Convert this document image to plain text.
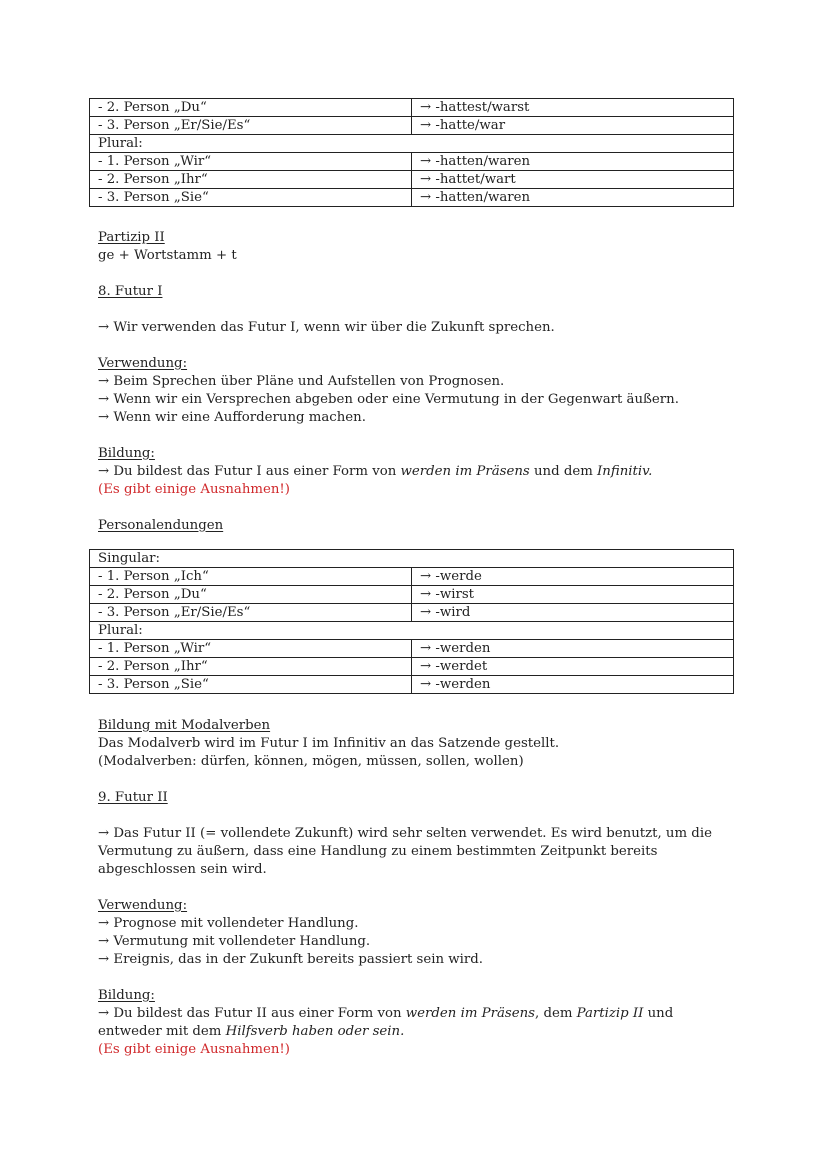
- 2. Person „Du“	→ -hattest/warst
- 3. Person „Er/Sie/Es“	→ -hatte/war
Plural:	
- 1. Person „Wir“	→ -hatten/waren
- 2. Person „Ihr“	→ -hattet/wart
- 3. Person „Sie“	→ -hatten/waren
Partizip II
ge + Wortstamm + t
8. Futur I
→ Wir verwenden das Futur I, wenn wir über die Zukunft sprechen.
Verwendung:
→ Beim Sprechen über Pläne und Aufstellen von Prognosen.
→ Wenn wir ein Versprechen abgeben oder eine Vermutung in der Gegenwart äußern.
→ Wenn wir eine Aufforderung machen.
Bildung:
→ Du bildest das Futur I aus einer Form von werden im Präsens und dem Infinitiv.
(Es gibt einige Ausnahmen!)
Personalendungen
Singular:	
- 1. Person „Ich“	→ -werde
- 2. Person „Du“	→ -wirst
- 3. Person „Er/Sie/Es“	→ -wird
Plural:	
- 1. Person „Wir“	→ -werden
- 2. Person „Ihr“	→ -werdet
- 3. Person „Sie“	→ -werden
Bildung mit Modalverben
Das Modalverb wird im Futur I im Infinitiv an das Satzende gestellt.
(Modalverben: dürfen, können, mögen, müssen, sollen, wollen)
9. Futur II
→ Das Futur II (= vollendete Zukunft) wird sehr selten verwendet. Es wird benutzt, um die
Vermutung zu äußern, dass eine Handlung zu einem bestimmten Zeitpunkt bereits
abgeschlossen sein wird.
Verwendung:
→ Prognose mit vollendeter Handlung.
→ Vermutung mit vollendeter Handlung.
→ Ereignis, das in der Zukunft bereits passiert sein wird.
Bildung:
→ Du bildest das Futur II aus einer Form von werden im Präsens, dem Partizip II und
entweder mit dem Hilfsverb haben oder sein.
(Es gibt einige Ausnahmen!)
